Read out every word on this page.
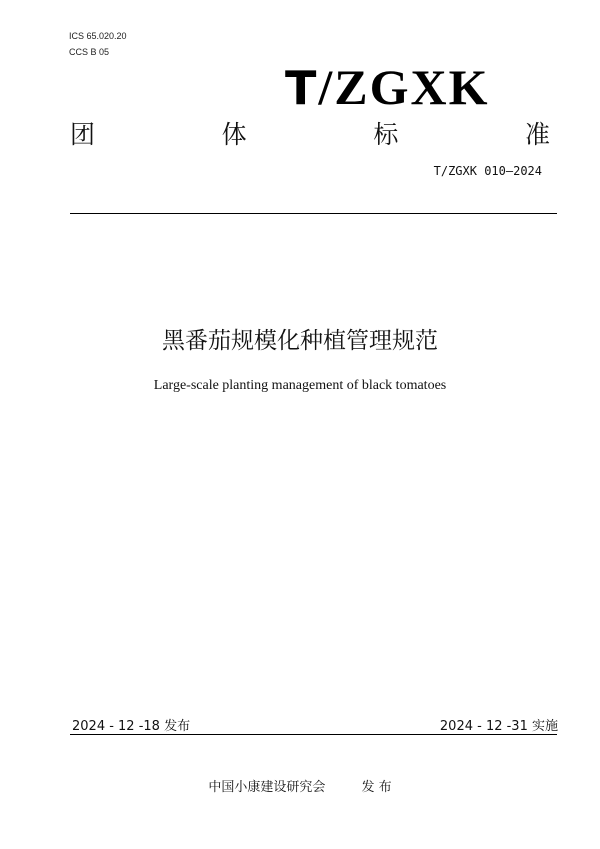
ICS 65.020.20
CCS B 05
T/ZGXK
团	体	标	准
T/ZGXK 010—2024
黑番茄规模化种植管理规范
Large-scale planting management of black tomatoes
2024 - 12 -18 发布	2024 - 12 -31 实施
中国小康建设研究会	发 布
